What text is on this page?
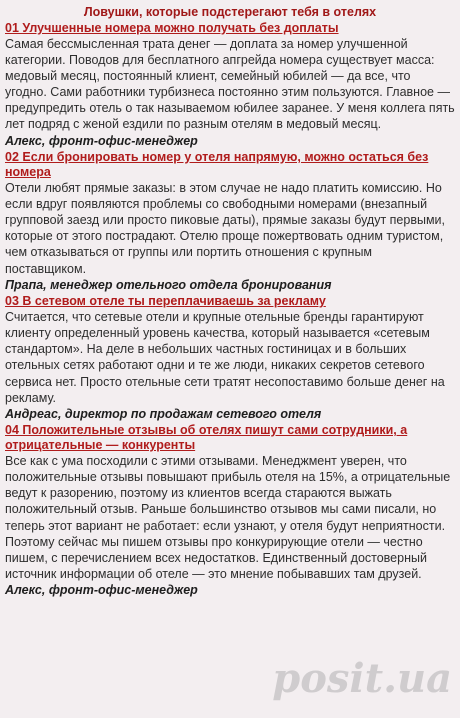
Ловушки, которые подстерегают тебя в отелях
01 Улучшенные номера можно получать без доплаты
Самая бессмысленная трата денег — доплата за номер улучшенной категории. Поводов для бесплатного апгрейда номера существует масса: медовый месяц, постоянный клиент, семейный юбилей — да все, что угодно. Сами работники турбизнеса постоянно этим пользуются. Главное — предупредить отель о так называемом юбилее заранее. У меня коллега пять лет подряд с женой ездили по разным отелям в медовый месяц.
Алекс, фронт-офис-менеджер
02 Если бронировать номер у отеля напрямую, можно остаться без номера
Отели любят прямые заказы: в этом случае не надо платить комиссию. Но если вдруг появляются проблемы со свободными номерами (внезапный групповой заезд или просто пиковые даты), прямые заказы будут первыми, которые от этого пострадают. Отелю проще пожертвовать одним туристом, чем отказываться от группы или портить отношения с крупным поставщиком.
Прапа, менеджер отельного отдела бронирования
03 В сетевом отеле ты переплачиваешь за рекламу
Считается, что сетевые отели и крупные отельные бренды гарантируют клиенту определенный уровень качества, который называется «сетевым стандартом». На деле в небольших частных гостиницах и в больших отельных сетях работают одни и те же люди, никаких секретов сетевого сервиса нет. Просто отельные сети тратят несопоставимо больше денег на рекламу.
Андреас, директор по продажам сетевого отеля
04 Положительные отзывы об отелях пишут сами сотрудники, а отрицательные — конкуренты
Все как с ума посходили с этими отзывами. Менеджмент уверен, что положительные отзывы повышают прибыль отеля на 15%, а отрицательные ведут к разорению, поэтому из клиентов всегда стараются выжать положительный отзыв. Раньше большинство отзывов мы сами писали, но теперь этот вариант не работает: если узнают, у отеля будут неприятности. Поэтому сейчас мы пишем отзывы про конкурирующие отели — честно пишем, с перечислением всех недостатков. Единственный достоверный источник информации об отеле — это мнение побывавших там друзей.
Алекс, фронт-офис-менеджер
posit.ua
